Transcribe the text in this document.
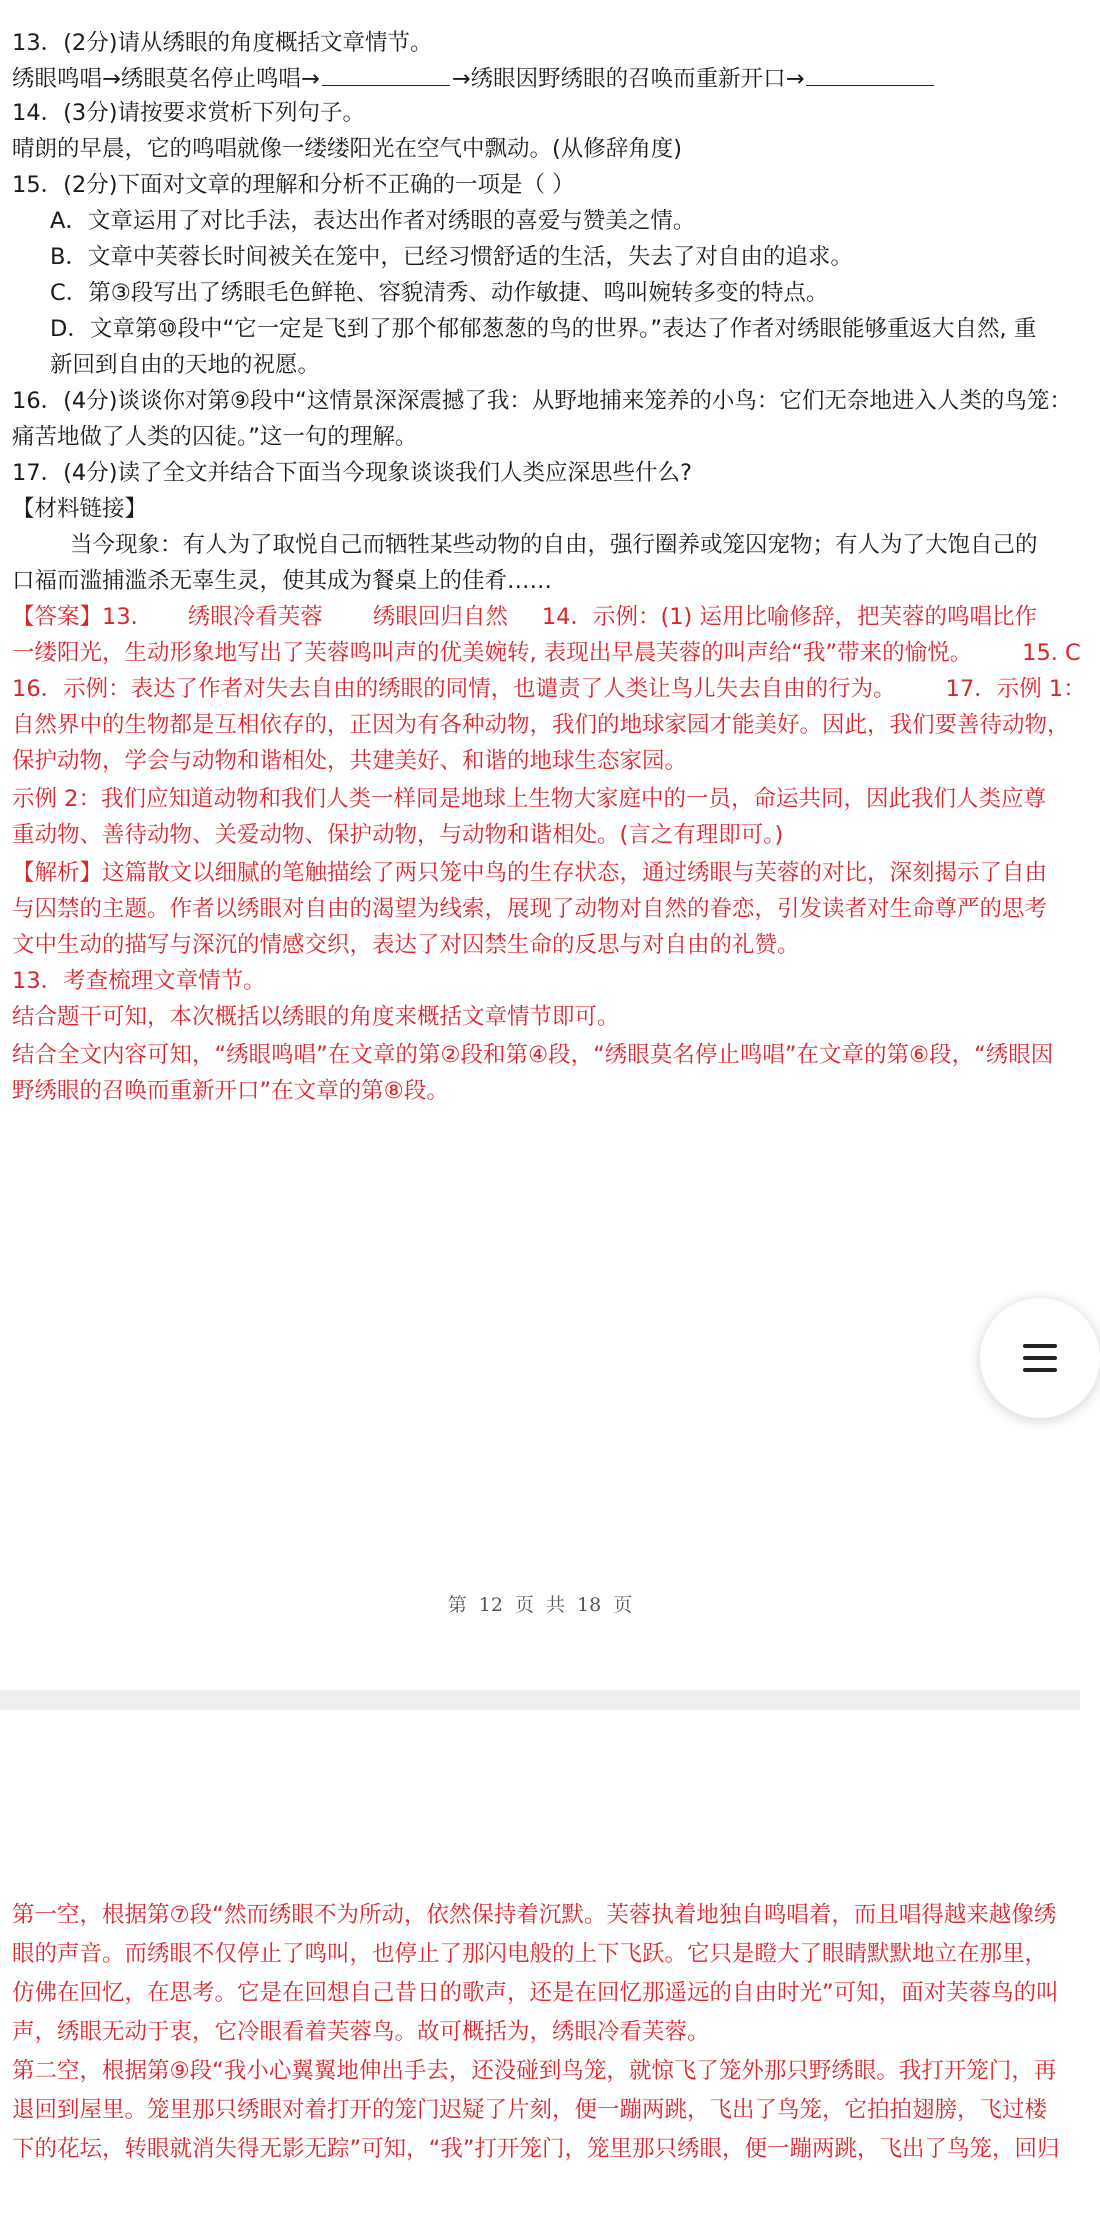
13．(2分)请从绣眼的角度概括文章情节。
绣眼鸣唱→绣眼莫名停止鸣唱→	→绣眼因野绣眼的召唤而重新开口→
14．(3分)请按要求赏析下列句子。
晴朗的早晨，它的鸣唱就像一缕缕阳光在空气中飘动。(从修辞角度)
15．(2分)下面对文章的理解和分析不正确的一项是（ ）
A．文章运用了对比手法，表达出作者对绣眼的喜爱与赞美之情。
B．文章中芙蓉长时间被关在笼中，已经习惯舒适的生活，失去了对自由的追求。
C．第③段写出了绣眼毛色鲜艳、容貌清秀、动作敏捷、鸣叫婉转多变的特点。
D．文章第⑩段中“它一定是飞到了那个郁郁葱葱的鸟的世界。”表达了作者对绣眼能够重返大自然, 重
新回到自由的天地的祝愿。
16．(4分)谈谈你对第⑨段中“这情景深深震撼了我：从野地捕来笼养的小鸟：它们无奈地进入人类的鸟笼：
痛苦地做了人类的囚徒。”这一句的理解。
17．(4分)读了全文并结合下面当今现象谈谈我们人类应深思些什么?
【材料链接】
当今现象：有人为了取悦自己而牺牲某些动物的自由，强行圈养或笼囚宠物；有人为了大饱自己的
口福而滥捕滥杀无辜生灵，使其成为餐桌上的佳肴……
【答案】13. 绣眼冷看芙蓉 绣眼回归自然 14．示例：(1) 运用比喻修辞，把芙蓉的鸣唱比作
一缕阳光，生动形象地写出了芙蓉鸣叫声的优美婉转, 表现出早晨芙蓉的叫声给“我”带来的愉悦。 15. C
16．示例：表达了作者对失去自由的绣眼的同情，也谴责了人类让鸟儿失去自由的行为。 17．示例 1：
自然界中的生物都是互相依存的，正因为有各种动物，我们的地球家园才能美好。因此，我们要善待动物，
保护动物，学会与动物和谐相处，共建美好、和谐的地球生态家园。
示例 2：我们应知道动物和我们人类一样同是地球上生物大家庭中的一员，命运共同，因此我们人类应尊
重动物、善待动物、关爱动物、保护动物，与动物和谐相处。(言之有理即可。)
【解析】这篇散文以细腻的笔触描绘了两只笼中鸟的生存状态，通过绣眼与芙蓉的对比，深刻揭示了自由
与囚禁的主题。作者以绣眼对自由的渴望为线索，展现了动物对自然的眷恋，引发读者对生命尊严的思考
文中生动的描写与深沉的情感交织，表达了对囚禁生命的反思与对自由的礼赞。
13．考查梳理文章情节。
结合题干可知，本次概括以绣眼的角度来概括文章情节即可。
结合全文内容可知，“绣眼鸣唱”在文章的第②段和第④段，“绣眼莫名停止鸣唱”在文章的第⑥段，“绣眼因
野绣眼的召唤而重新开口”在文章的第⑧段。
第 12 页 共 18 页
第一空，根据第⑦段“然而绣眼不为所动，依然保持着沉默。芙蓉执着地独自鸣唱着，而且唱得越来越像绣
眼的声音。而绣眼不仅停止了鸣叫，也停止了那闪电般的上下飞跃。它只是瞪大了眼睛默默地立在那里，
仿佛在回忆，在思考。它是在回想自己昔日的歌声，还是在回忆那遥远的自由时光”可知，面对芙蓉鸟的叫
声，绣眼无动于衷，它冷眼看着芙蓉鸟。故可概括为，绣眼冷看芙蓉。
第二空，根据第⑨段“我小心翼翼地伸出手去，还没碰到鸟笼，就惊飞了笼外那只野绣眼。我打开笼门，再
退回到屋里。笼里那只绣眼对着打开的笼门迟疑了片刻，便一蹦两跳，飞出了鸟笼，它拍拍翅膀，飞过楼
下的花坛，转眼就消失得无影无踪”可知，“我”打开笼门，笼里那只绣眼，便一蹦两跳，飞出了鸟笼，回归
